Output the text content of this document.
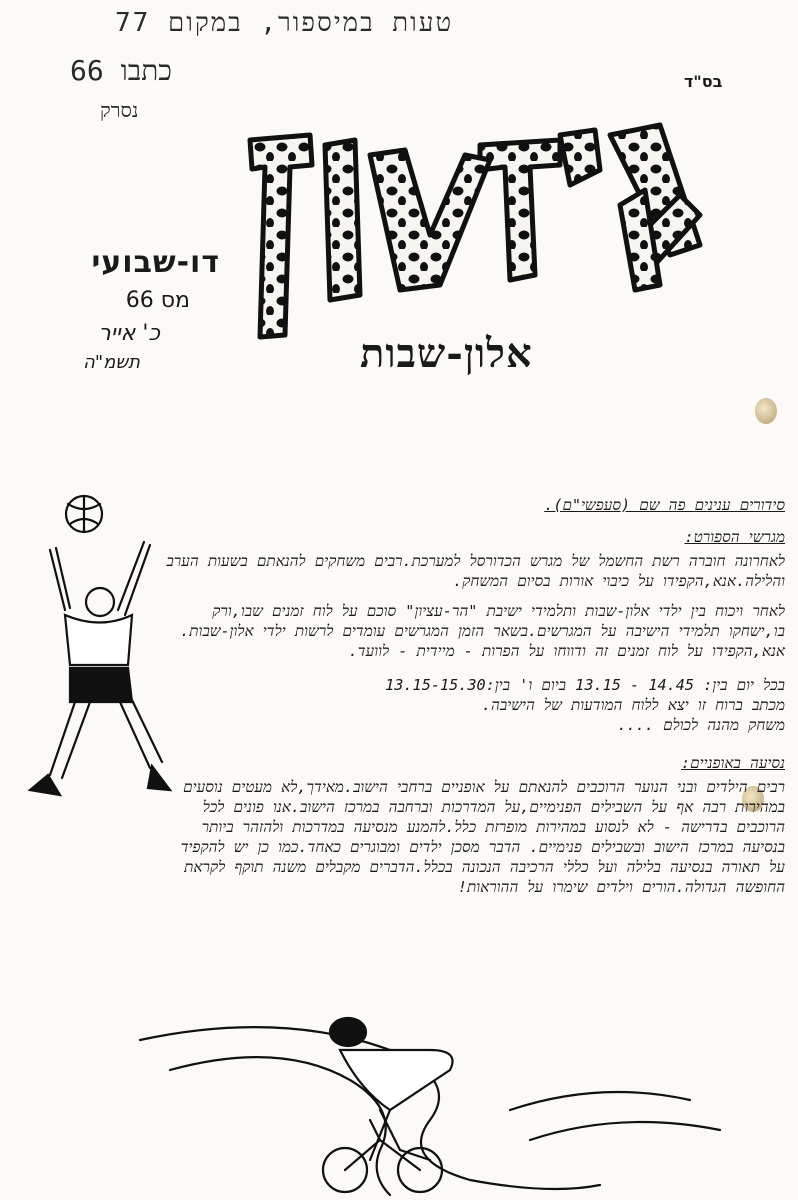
טעות במיספור, במקום 77
כתבו 66
נסרק
בס"ד
אלון-שבות
דו-שבועי
מס 66
כ' אייר
תשמ"ה

סידורים ענינים פה שם (סעפשי"ם).

מגרשי הספורט:

לאחרונה חוברה רשת החשמל של מגרש הכדורסל למערכת.רבים משחקים להנאתם בשעות הערב והלילה.אנא,הקפידו על כיבוי אורות בסיום המשחק.

לאחר ויכוח בין ילדי אלון-שבות ותלמידי ישיבת "הר-עציון" סוכם על לוח זמנים שבו,ורק בו,ישחקו תלמידי הישיבה על המגרשים.בשאר הזמן המגרשים עומדים לרשות ילדי אלון-שבות. אנא,הקפידו על לוח זמנים זה ודווחו על הפרות - מיידית - לוועד.

בכל יום בין: 14.45 - 13.15 ביום ו' בין:13.15-15.30

מכתב ברוח זו יצא ללוח המודעות של הישיבה.

משחק מהנה לכולם ....

נסיעה באופניים:

רבים הילדים ובני הנוער הרוכבים להנאתם על אופניים ברחבי הישוב.מאידך,לא מעטים נוסעים במהירות רבה אף על השבילים הפנימיים,על המדרכות וברחבה במרכז הישוב.אנו פונים לכל הרוכבים בדרישה - לא לנסוע במהירות מופרזת כלל.להמנע מנסיעה במדרכות ולהזהר ביותר בנסיעה במרכז הישוב ובשבילים פנימיים. הדבר מסכן ילדים ומבוגרים כאחד.כמו כן יש להקפיד על תאורה בנסיעה בלילה ועל כללי הרכיבה הנכונה בכלל.הדברים מקבלים משנה תוקף לקראת החופשה הגדולה.הורים וילדים שימרו על ההוראות!
